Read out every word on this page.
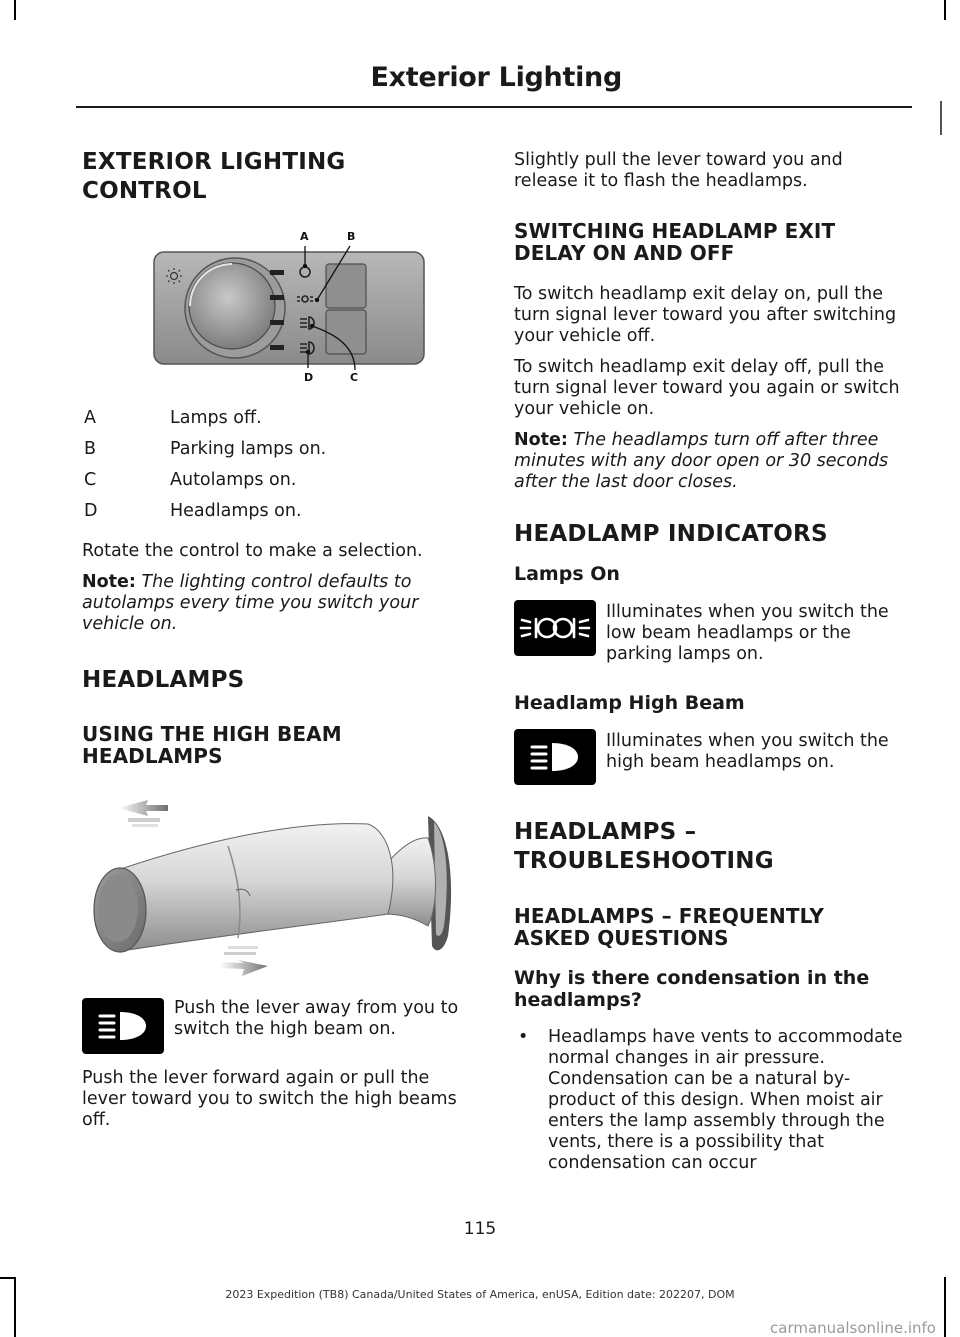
Exterior Lighting
EXTERIOR LIGHTING
CONTROL
A	B
D	C
A	Lamps off.
B	Parking lamps on.
C	Autolamps on.
D	Headlamps on.
Rotate the control to make a selection.
Note: The lighting control defaults to autolamps every time you switch your vehicle on.
HEADLAMPS
USING THE HIGH BEAM
HEADLAMPS
Push the lever away from you to switch the high beam on.
Push the lever forward again or pull the lever toward you to switch the high beams off.
Slightly pull the lever toward you and release it to flash the headlamps.
SWITCHING HEADLAMP EXIT
DELAY ON AND OFF
To switch headlamp exit delay on, pull the turn signal lever toward you after switching your vehicle off.
To switch headlamp exit delay off, pull the turn signal lever toward you again or switch your vehicle on.
Note: The headlamps turn off after three minutes with any door open or 30 seconds after the last door closes.
HEADLAMP INDICATORS
Lamps On
Illuminates when you switch the low beam headlamps or the parking lamps on.
Headlamp High Beam
Illuminates when you switch the high beam headlamps on.
HEADLAMPS –
TROUBLESHOOTING
HEADLAMPS – FREQUENTLY
ASKED QUESTIONS
Why is there condensation in the headlamps?
• Headlamps have vents to accommodate normal changes in air pressure. Condensation can be a natural by-product of this design. When moist air enters the lamp assembly through the vents, there is a possibility that condensation can occur
115
2023 Expedition (TB8) Canada/United States of America, enUSA, Edition date: 202207, DOM
carmanualsonline.info
